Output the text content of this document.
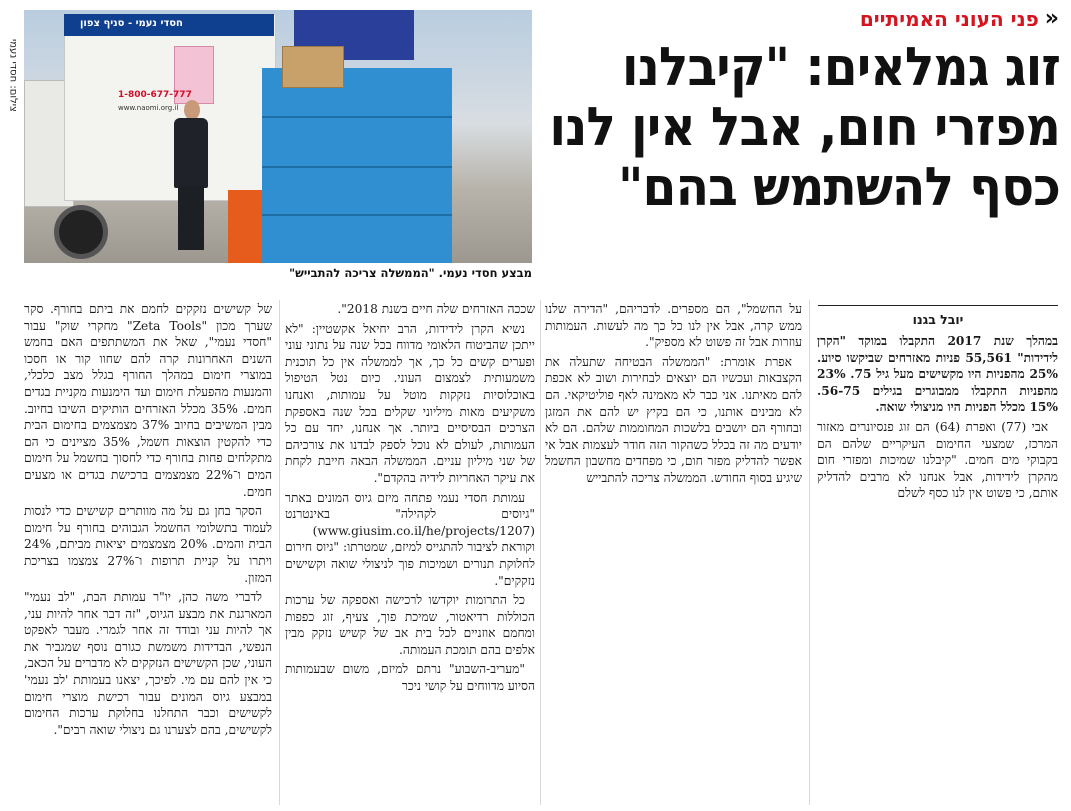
«
פני העוני האמיתיים
זוג גמלאים: "קיבלנו
מפזרי חום, אבל אין לנו
כסף להשתמש בהם"
חסדי נעמי - סניף צפון
1-800-677-777
www.naomi.org.il
צילום: חסדי נעמי
מבצע חסדי נעמי. "הממשלה צריכה להתבייש"
יובל בגנו

במהלך שנת 2017 התקבלו במוקד "הקרן לידידות" 55,561 פניות מאזרחים שביקשו סיוע. 25% מהפניות היו מקשישים מעל גיל 75. 23% מהפניות התקבלו ממבוגרים בגילים 56-75. 15% מכלל הפניות היו מניצולי שואה.

אבי (77) ואפרת (64) הם זוג פנסיונרים מאזור המרכז, שמצעי החימום העיקריים שלהם הם בקבוקי מים חמים. "קיבלנו שמיכות ומפזרי חום מהקרן לידידות, אבל אנחנו לא מרבים להדליק אותם, כי פשוט אין לנו כסף לשלם

על החשמל", הם מספרים. לדבריהם, "הדירה שלנו ממש קרה, אבל אין לנו כל כך מה לעשות. העמותות עוזרות אבל זה פשוט לא מספיק".

אפרת אומרת: "הממשלה הבטיחה שתעלה את הקצבאות ועכשיו הם יוצאים לבחירות ושוב לא אכפת להם מאיתנו. אני כבר לא מאמינה לאף פוליטיקאי. הם לא מבינים אותנו, כי הם בקיץ יש להם את המזגן ובחורף הם יושבים בלשכות המחוממות שלהם. הם לא יודעים מה זה בכלל כשהקור הזה חודר לעצמות אבל אי אפשר להדליק מפזר חום, כי מפחדים מחשבון החשמל שיגיע בסוף החודש. הממשלה צריכה להתבייש

שככה האזרחים שלה חיים בשנת 2018".

נשיא הקרן לידידות, הרב יחיאל אקשטיין: "לא ייתכן שהביטוח הלאומי מדווח בכל שנה על נתוני עוני ופערים קשים כל כך, אך לממשלה אין כל תוכנית משמעותית לצמצום העוני. כיום נטל הטיפול באוכלוסיות נזקקות מוטל על עמותות, ואנחנו משקיעים מאות מיליוני שקלים בכל שנה באספקת הצרכים הבסיסיים ביותר. אך אנחנו, יחד עם כל העמותות, לעולם לא נוכל לספק לבדנו את צורכיהם של שני מיליון עניים. הממשלה הבאה חייבת לקחת את עיקר האחריות לידיה בהקדם".

עמותת חסדי נעמי פתחה מיזם גיוס המונים באתר "גיוסים לקהילה" באינטרנט (www.giusim.co.il/he/projects/1207) וקוראת לציבור להתגייס למיזם, שמטרתו: "גיוס חירום לחלוקת תנורים ושמיכות פוך לניצולי שואה וקשישים נזקקים".

כל התרומות יוקדשו לרכישה ואספקה של ערכות הכוללות רדיאטור, שמיכת פוך, צעיף, זוג כפפות ומחמם אוזניים לכל בית אב של קשיש נזקק מבין אלפים בהם תומכת העמותה.

"מעריב-השבוע" נרתם למיזם, משום שבעמותות הסיוע מדווחים על קושי ניכר

של קשישים נזקקים לחמם את ביתם בחורף. סקר שערך מכון "Zeta Tools" מחקרי שוק" עבור "חסדי נעמי", שאל את המשתתפים האם בחמש השנים האחרונות קרה להם שחוו קור או חסכו במוצרי חימום במהלך החורף בגלל מצב כלכלי, והמנעות מהפעלת חימום ועד הימנעות מקניית בגדים חמים. 35% מכלל האזרחים הותיקים השיבו בחיוב. מבין המשיבים בחיוב 37% מצמצמים בחימום הבית כדי להקטין הוצאות חשמל, 35% מציינים כי הם מתקלחים פחות בחורף כדי לחסוך בחשמל על חימום המים ו־22% מצמצמים ברכישת בגדים או מצעים חמים.

הסקר בחן גם על מה מוותרים קשישים כדי לנסות לעמוד בתשלומי החשמל הגבוהים בחורף על חימום הבית והמים. 20% מצמצמים יציאות מביתם, 24% ויתרו על קניית תרופות ו־27% צמצמו בצריכת המזון.

לדברי משה כהן, יו"ר עמותת הבת, "לב נעמי" המארגנת את מבצע הגיוס, "זה דבר אחר להיות עני, אך להיות עני ובודד זה אחר לגמרי. מעבר לאפקט הנפשי, הבדידות משמשת כגורם נוסף שמגביר את העוני, שכן הקשישים הנזקקים לא מדברים על הכאב, כי אין להם עם מי. לפיכך, יצאנו בעמותת 'לב נעמי' במבצע גיוס המונים עבור רכישת מוצרי חימום לקשישים וכבר התחלנו בחלוקת ערכות החימום לקשישים, בהם לצערנו גם ניצולי שואה רבים".
